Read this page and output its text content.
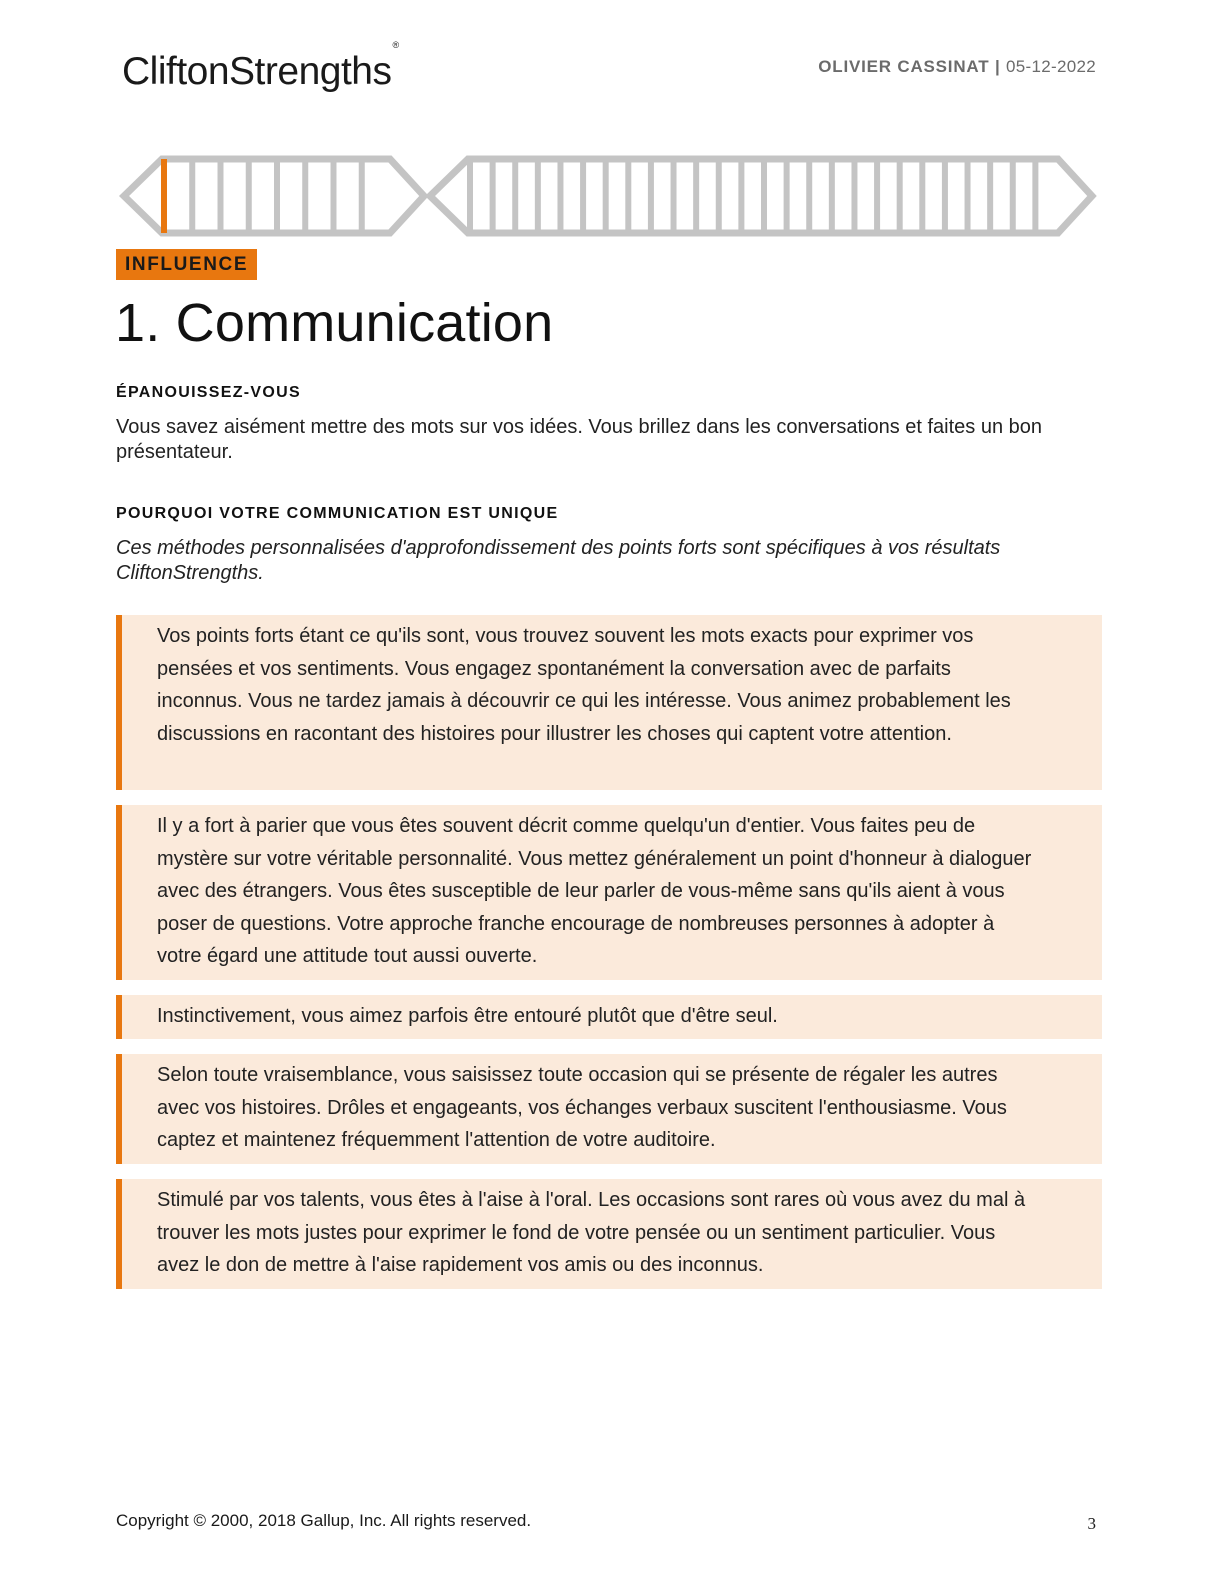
CliftonStrengths®
OLIVIER CASSINAT | 05-12-2022
INFLUENCE
1. Communication
ÉPANOUISSEZ-VOUS

Vous savez aisément mettre des mots sur vos idées. Vous brillez dans les conversations et faites un bon présentateur.

POURQUOI VOTRE COMMUNICATION EST UNIQUE

Ces méthodes personnalisées d'approfondissement des points forts sont spécifiques à vos résultats CliftonStrengths.

Vos points forts étant ce qu'ils sont, vous trouvez souvent les mots exacts pour exprimer vos pensées et vos sentiments. Vous engagez spontanément la conversation avec de parfaits inconnus. Vous ne tardez jamais à découvrir ce qui les intéresse. Vous animez probablement les discussions en racontant des histoires pour illustrer les choses qui captent votre attention.

Il y a fort à parier que vous êtes souvent décrit comme quelqu'un d'entier. Vous faites peu de mystère sur votre véritable personnalité. Vous mettez généralement un point d'honneur à dialoguer avec des étrangers. Vous êtes susceptible de leur parler de vous-même sans qu'ils aient à vous poser de questions. Votre approche franche encourage de nombreuses personnes à adopter à votre égard une attitude tout aussi ouverte.

Instinctivement, vous aimez parfois être entouré plutôt que d'être seul.

Selon toute vraisemblance, vous saisissez toute occasion qui se présente de régaler les autres avec vos histoires. Drôles et engageants, vos échanges verbaux suscitent l'enthousiasme. Vous captez et maintenez fréquemment l'attention de votre auditoire.

Stimulé par vos talents, vous êtes à l'aise à l'oral. Les occasions sont rares où vous avez du mal à trouver les mots justes pour exprimer le fond de votre pensée ou un sentiment particulier. Vous avez le don de mettre à l'aise rapidement vos amis ou des inconnus.

Copyright © 2000, 2018 Gallup, Inc. All rights reserved.	3
